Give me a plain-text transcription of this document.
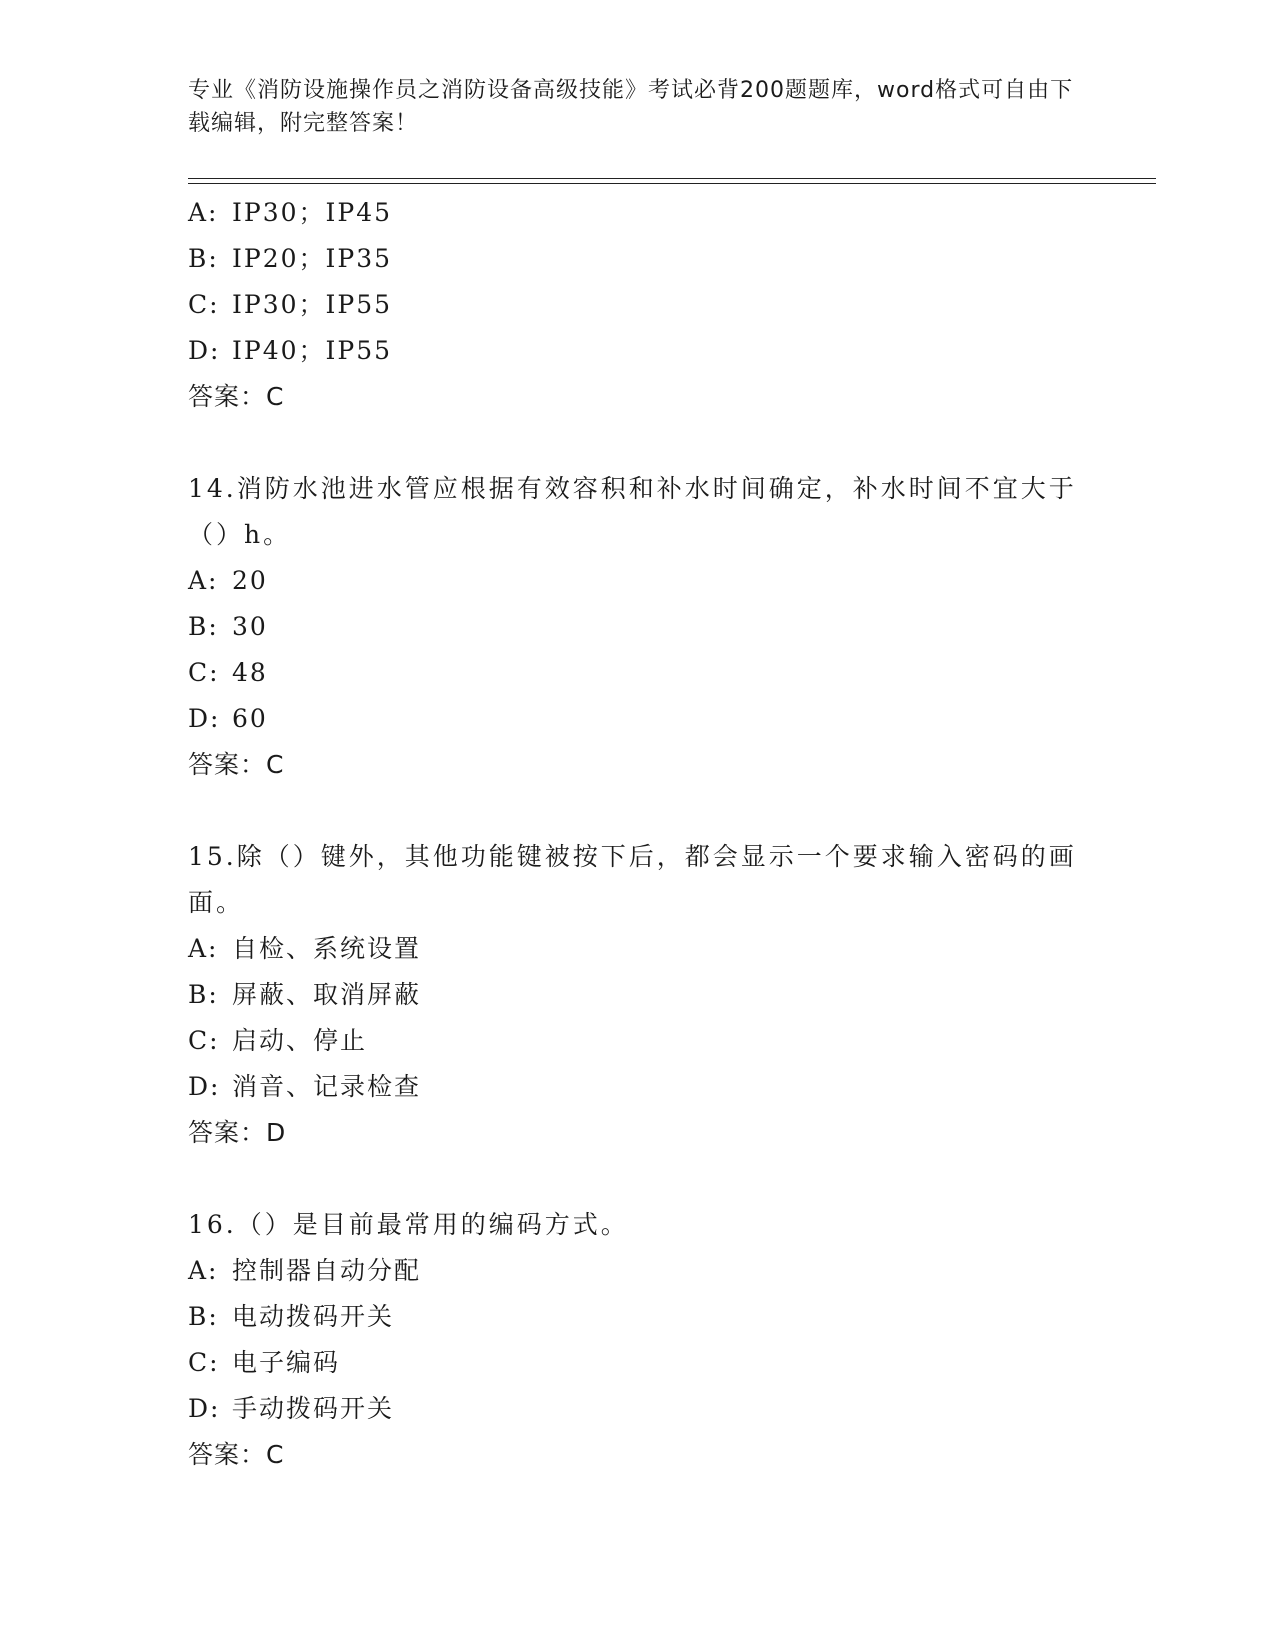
专业《消防设施操作员之消防设备高级技能》考试必背200题题库，word格式可自由下载编辑，附完整答案！
A: IP30；IP45
B: IP20；IP35
C: IP30；IP55
D: IP40；IP55
答案：C
14.消防水池进水管应根据有效容积和补水时间确定，补水时间不宜大于（）h。
A: 20
B: 30
C: 48
D: 60
答案：C
15.除（）键外，其他功能键被按下后，都会显示一个要求输入密码的画面。
A: 自检、系统设置
B: 屏蔽、取消屏蔽
C: 启动、停止
D: 消音、记录检查
答案：D
16.（）是目前最常用的编码方式。
A: 控制器自动分配
B: 电动拨码开关
C: 电子编码
D: 手动拨码开关
答案：C
